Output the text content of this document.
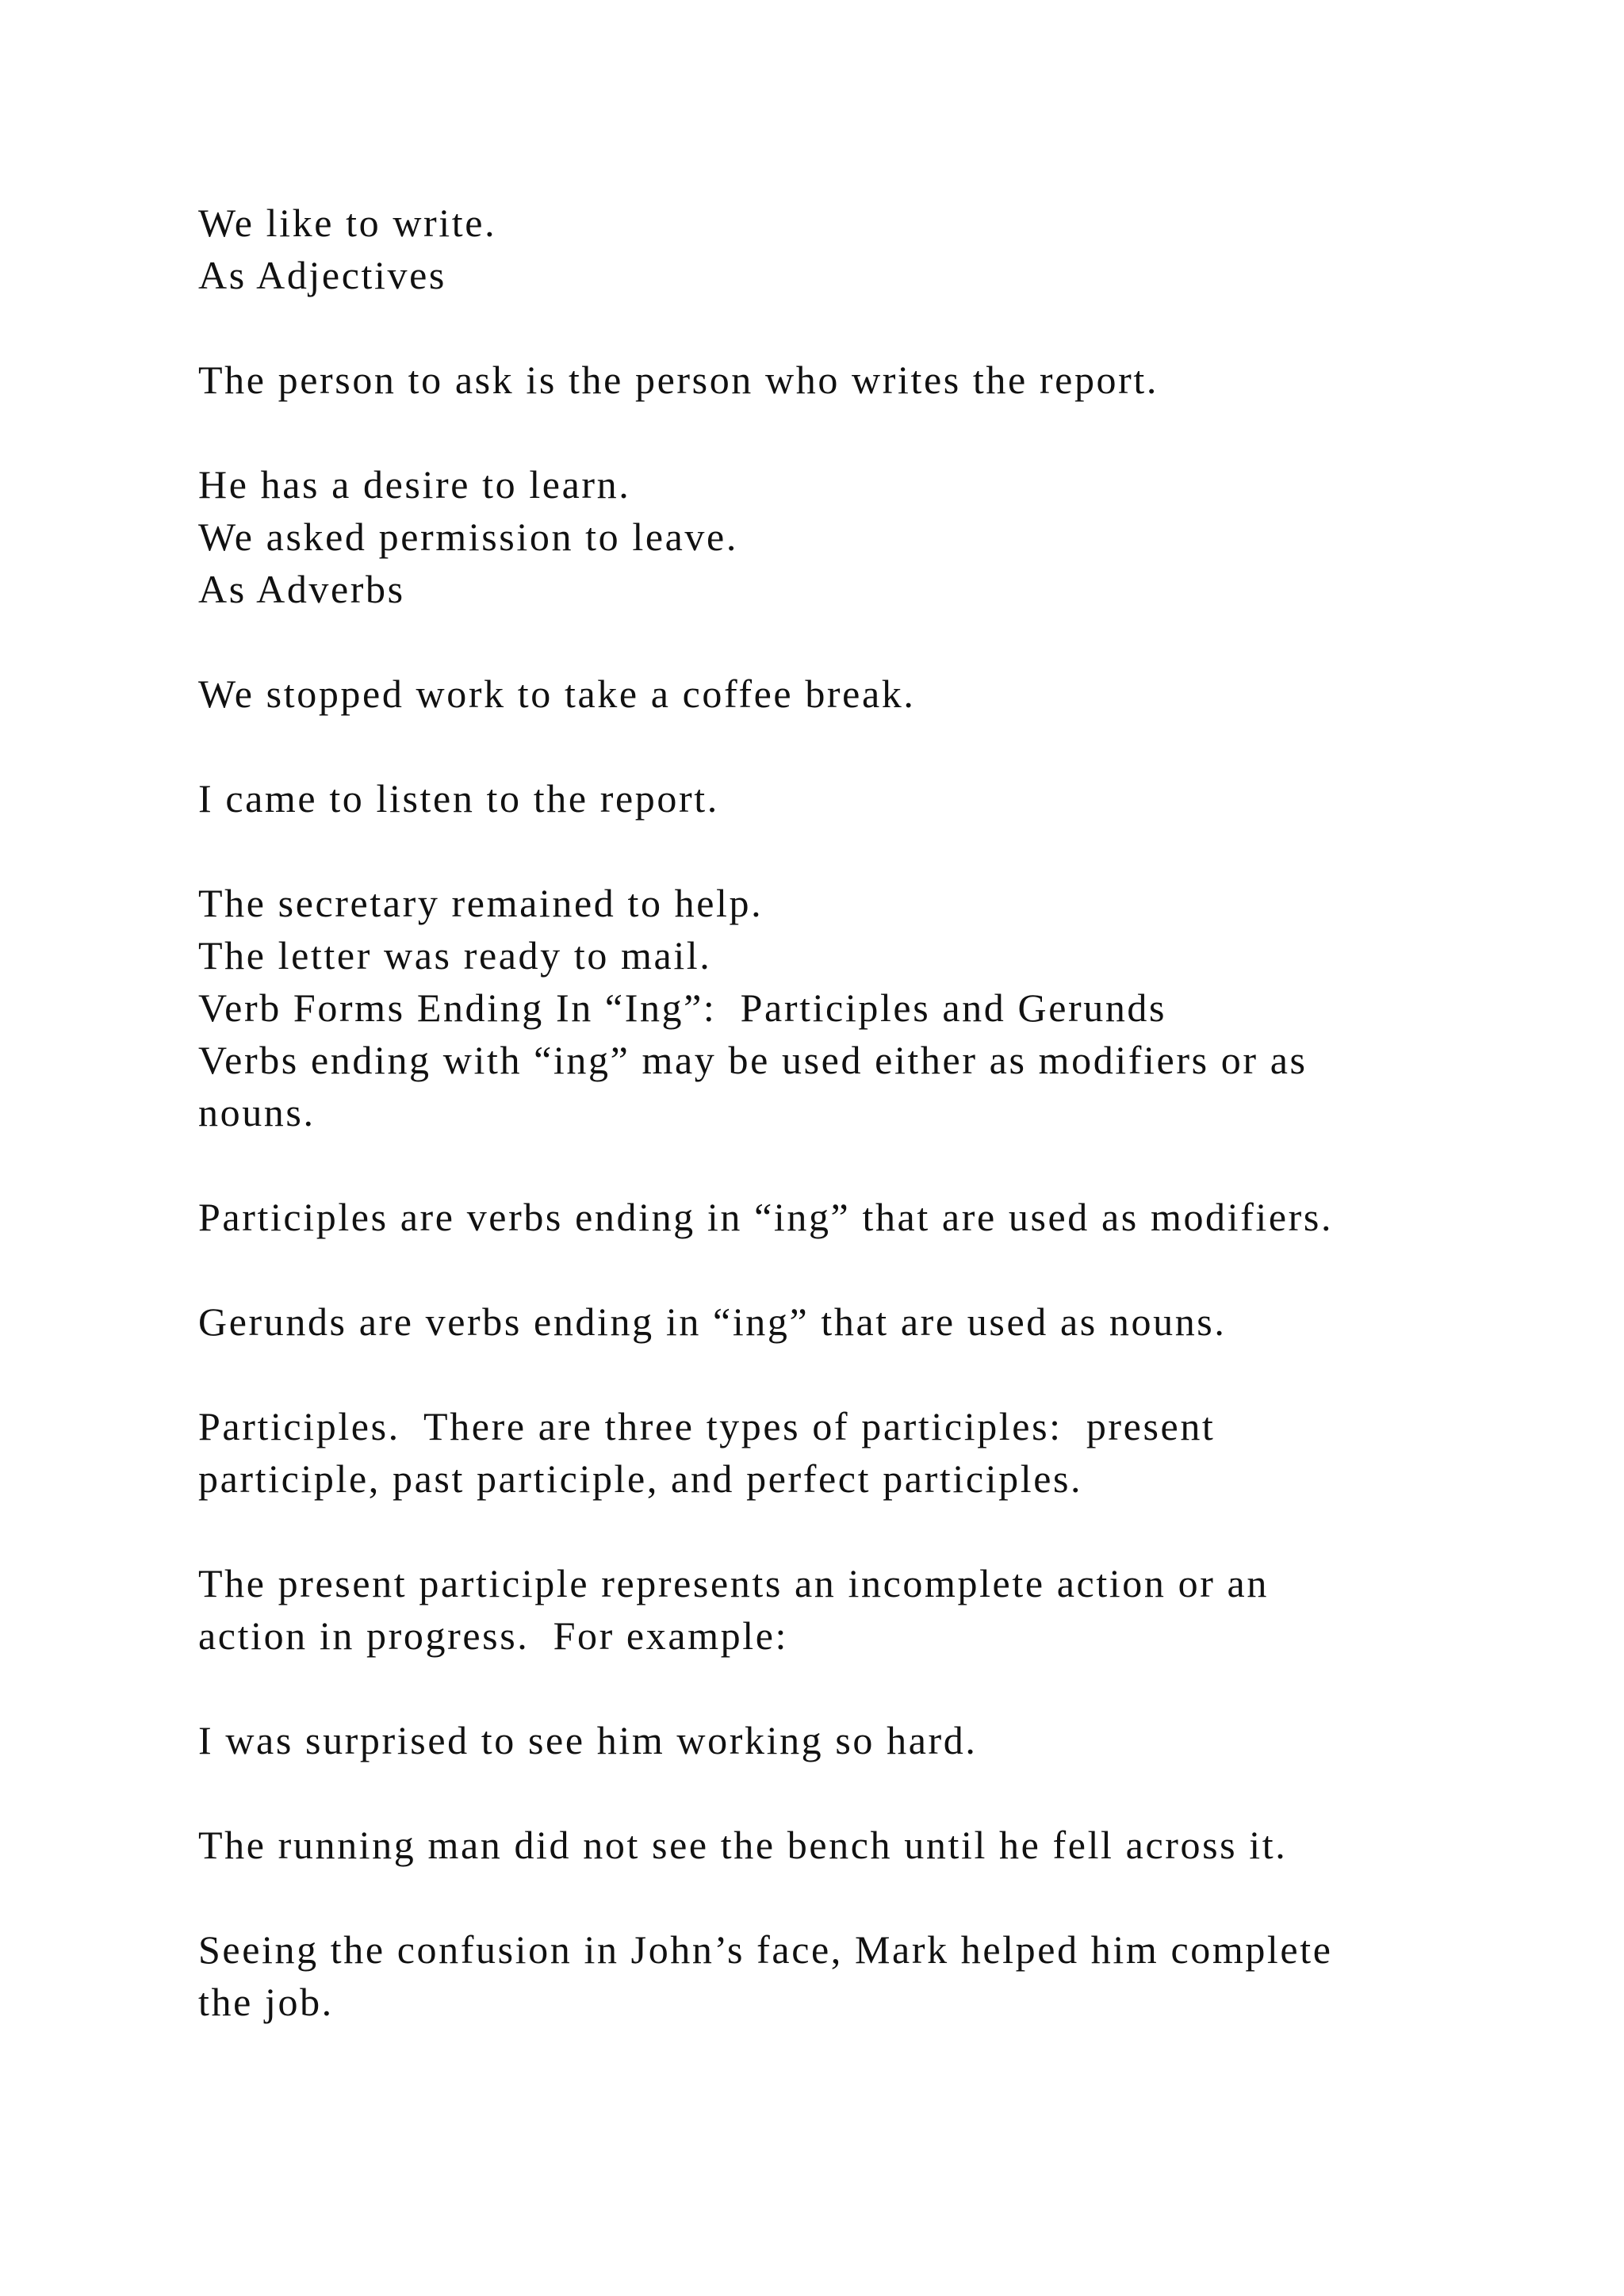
We like to write.
As Adjectives
The person to ask is the person who writes the report.
He has a desire to learn.
We asked permission to leave.
As Adverbs
We stopped work to take a coffee break.
I came to listen to the report.
The secretary remained to help.
The letter was ready to mail.
Verb Forms Ending In “Ing”:  Participles and Gerunds
Verbs ending with “ing” may be used either as modifiers or as
nouns.
Participles are verbs ending in “ing” that are used as modifiers.
Gerunds are verbs ending in “ing” that are used as nouns.
Participles.  There are three types of participles:  present
participle, past participle, and perfect participles.
The present participle represents an incomplete action or an
action in progress.  For example:
I was surprised to see him working so hard.
The running man did not see the bench until he fell across it.
Seeing the confusion in John’s face, Mark helped him complete
the job.
